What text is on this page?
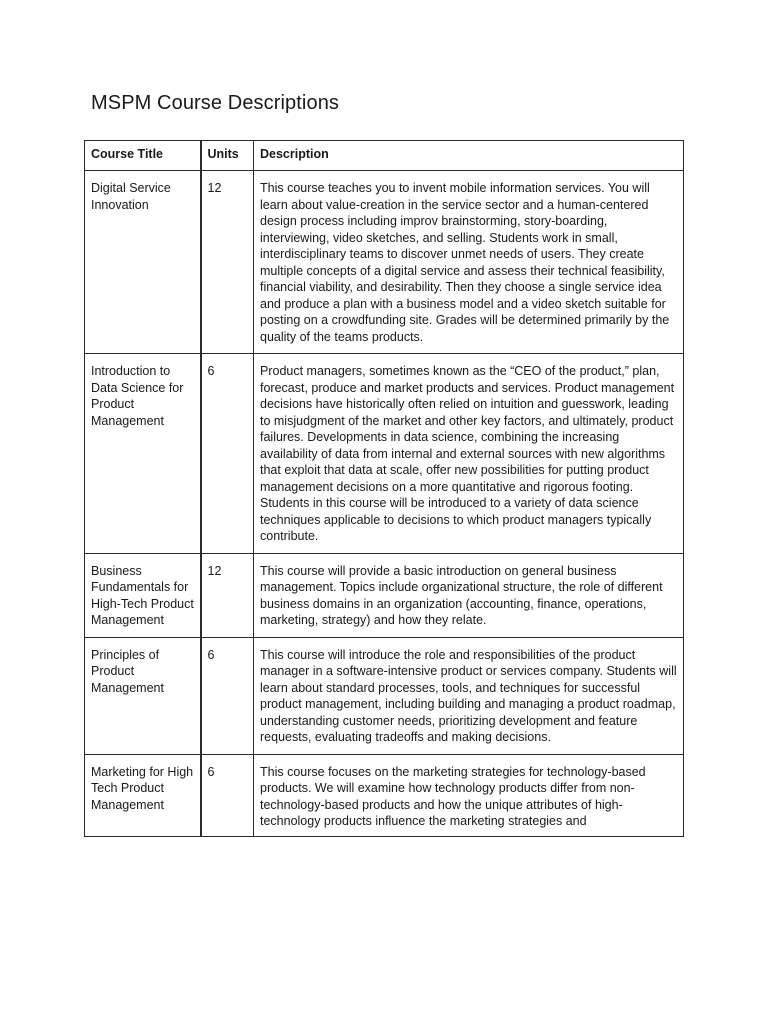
MSPM Course Descriptions
Course Title	Units	Description
Digital Service Innovation	12	This course teaches you to invent mobile information services. You will learn about value-creation in the service sector and a human-centered design process including improv brainstorming, story-boarding, interviewing, video sketches, and selling. Students work in small, interdisciplinary teams to discover unmet needs of users. They create multiple concepts of a digital service and assess their technical feasibility, financial viability, and desirability. Then they choose a single service idea and produce a plan with a business model and a video sketch suitable for posting on a crowdfunding site. Grades will be determined primarily by the quality of the teams products.
Introduction to Data Science for Product Management	6	Product managers, sometimes known as the “CEO of the product,” plan, forecast, produce and market products and services. Product management decisions have historically often relied on intuition and guesswork, leading to misjudgment of the market and other key factors, and ultimately, product failures. Developments in data science, combining the increasing availability of data from internal and external sources with new algorithms that exploit that data at scale, offer new possibilities for putting product management decisions on a more quantitative and rigorous footing. Students in this course will be introduced to a variety of data science techniques applicable to decisions to which product managers typically contribute.
Business Fundamentals for High-Tech Product Management	12	This course will provide a basic introduction on general business management. Topics include organizational structure, the role of different business domains in an organization (accounting, finance, operations, marketing, strategy) and how they relate.
Principles of Product Management	6	This course will introduce the role and responsibilities of the product manager in a software-intensive product or services company. Students will learn about standard processes, tools, and techniques for successful product management, including building and managing a product roadmap, understanding customer needs, prioritizing development and feature requests, evaluating tradeoffs and making decisions.
Marketing for High Tech Product Management	6	This course focuses on the marketing strategies for technology-based products. We will examine how technology products differ from non-technology-based products and how the unique attributes of high-technology products influence the marketing strategies and
